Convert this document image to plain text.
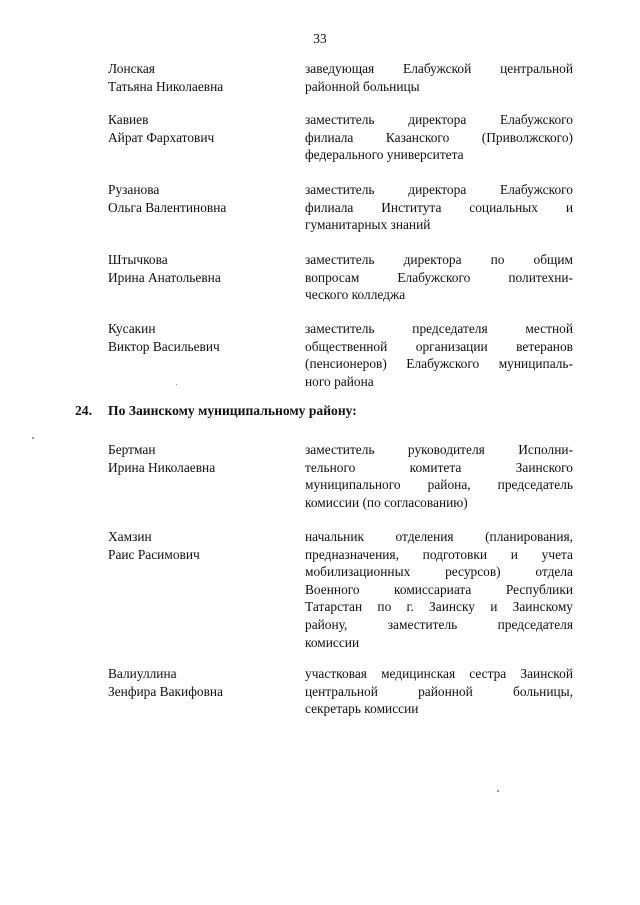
33
Лонская
Татьяна Николаевна
заведующая Елабужской центральной
районной больницы
Кавиев
Айрат Фархатович
заместитель директора Елабужского
филиала Казанского (Приволжского)
федерального университета
Рузанова
Ольга Валентиновна
заместитель директора Елабужского
филиала Института социальных и
гуманитарных знаний
Штычкова
Ирина Анатольевна
заместитель директора по общим
вопросам Елабужского политехни-
ческого колледжа
Кусакин
Виктор Васильевич
заместитель председателя местной
общественной организации ветеранов
(пенсионеров) Елабужского муниципаль-
ного района
24. По Заинскому муниципальному району:
Бертман
Ирина Николаевна
заместитель руководителя Исполни-
тельного комитета Заинского
муниципального района, председатель
комиссии (по согласованию)
Хамзин
Раис Расимович
начальник отделения (планирования,
предназначения, подготовки и учета
мобилизационных ресурсов) отдела
Военного комиссариата Республики
Татарстан по г. Заинску и Заинскому
району, заместитель председателя
комиссии
Валиуллина
Зенфира Вакифовна
участковая медицинская сестра Заинской
центральной районной больницы,
секретарь комиссии
